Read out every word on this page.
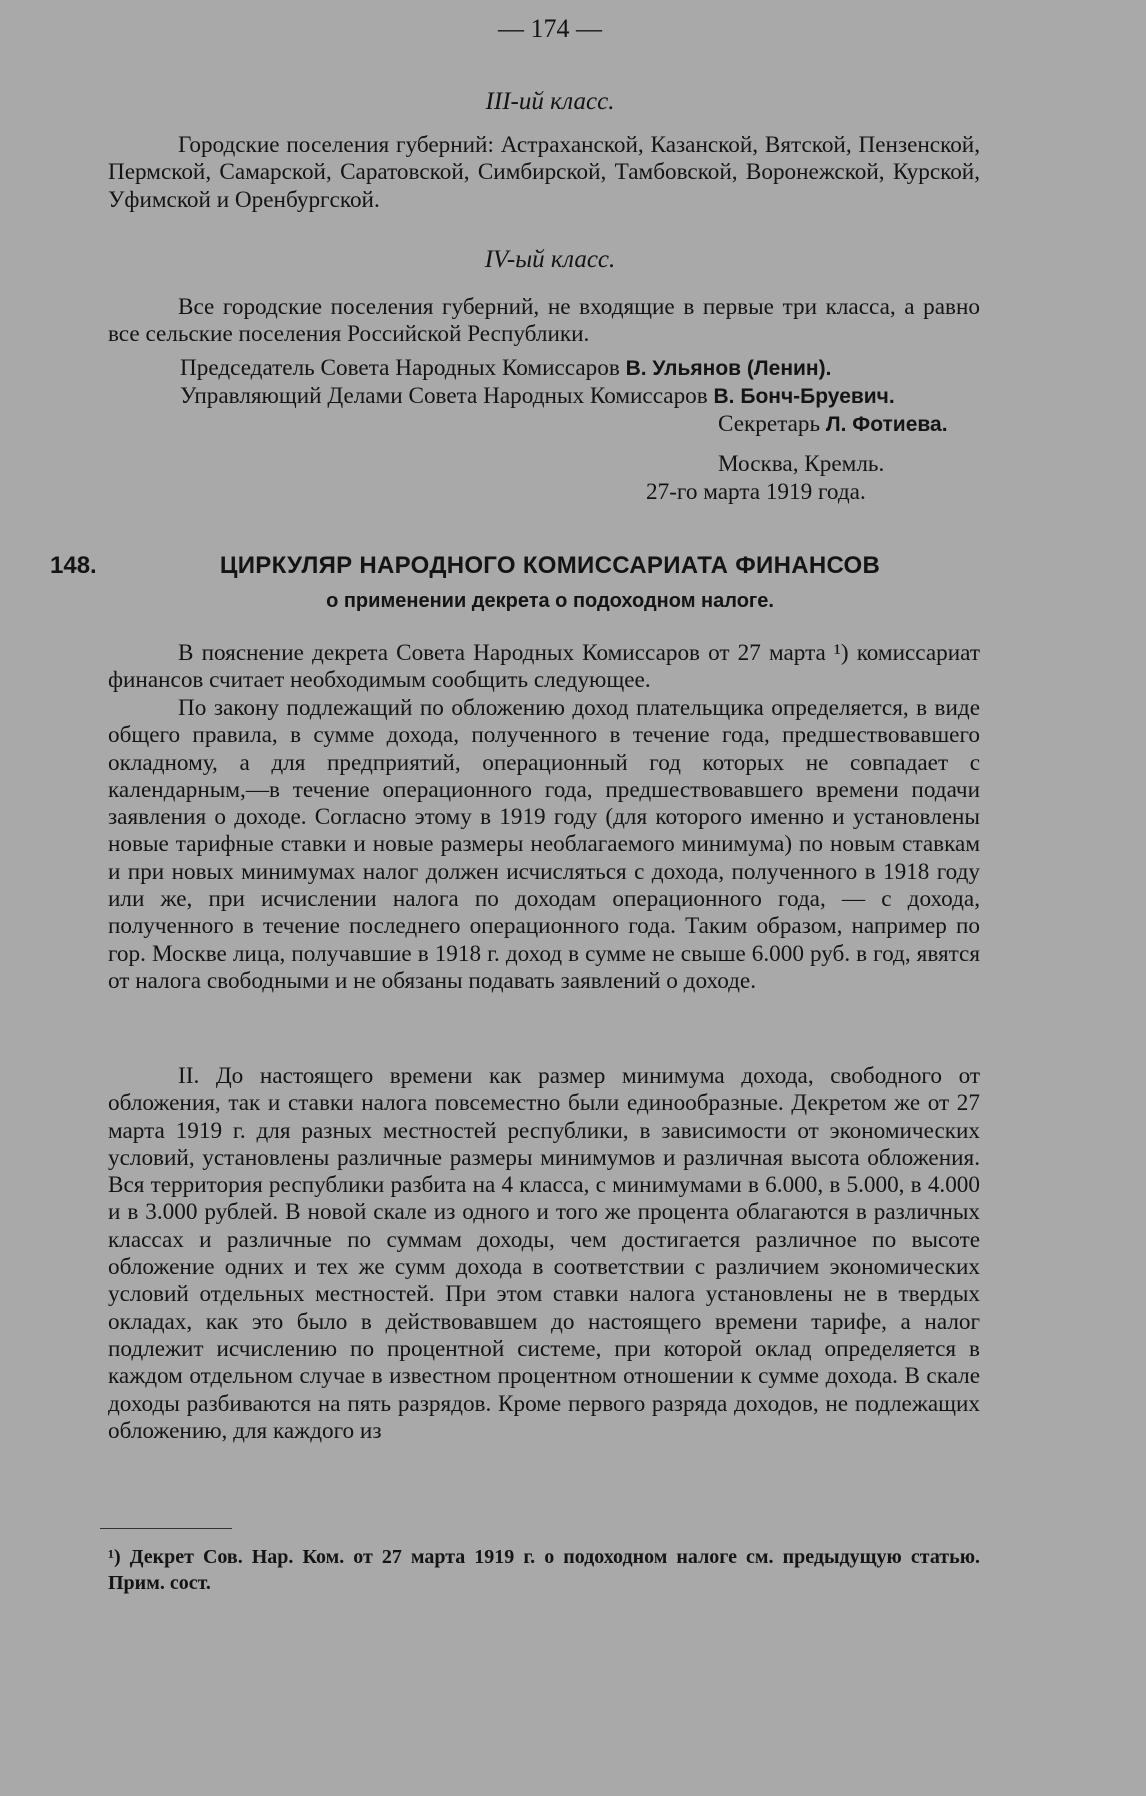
— 174 —
III-ий класс.

Городские поселения губерний: Астраханской, Казанской, Вятской, Пензенской, Пермской, Самарской, Саратовской, Симбирской, Тамбовской, Воронежской, Курской, Уфимской и Оренбургской.

IV-ый класс.

Все городские поселения губерний, не входящие в первые три класса, а равно все сельские поселения Российской Республики.

Председатель Совета Народных Комиссаров В. Ульянов (Ленин).
Управляющий Делами Совета Народных Комиссаров В. Бонч-Бруевич.
Секретарь Л. Фотиева.
Москва, Кремль.
27-го марта 1919 года.
148.	ЦИРКУЛЯР НАРОДНОГО КОМИССАРИАТА ФИНАНСОВ
о применении декрета о подоходном налоге.

В пояснение декрета Совета Народных Комиссаров от 27 марта ¹) комиссариат финансов считает необходимым сообщить следующее.

По закону подлежащий по обложению доход плательщика определяется, в виде общего правила, в сумме дохода, полученного в течение года, предшествовавшего окладному, а для предприятий, операционный год которых не совпадает с календарным,—в течение операционного года, предшествовавшего времени подачи заявления о доходе. Согласно этому в 1919 году (для которого именно и установлены новые тарифные ставки и новые размеры необлагаемого минимума) по новым ставкам и при новых минимумах налог должен исчисляться с дохода, полученного в 1918 году или же, при исчислении налога по доходам операционного года, — с дохода, полученного в течение последнего операционного года. Таким образом, например по гор. Москве лица, получавшие в 1918 г. доход в сумме не свыше 6.000 руб. в год, явятся от налога свободными и не обязаны подавать заявлений о доходе.

II. До настоящего времени как размер минимума дохода, свободного от обложения, так и ставки налога повсеместно были единообразные. Декретом же от 27 марта 1919 г. для разных местностей республики, в зависимости от экономических условий, установлены различные размеры минимумов и различная высота обложения. Вся территория республики разбита на 4 класса, с минимумами в 6.000, в 5.000, в 4.000 и в 3.000 рублей. В новой скале из одного и того же процента облагаются в различных классах и различные по суммам доходы, чем достигается различное по высоте обложение одних и тех же сумм дохода в соответствии с различием экономических условий отдельных местностей. При этом ставки налога установлены не в твердых окладах, как это было в действовавшем до настоящего времени тарифе, а налог подлежит исчислению по процентной системе, при которой оклад определяется в каждом отдельном случае в известном процентном отношении к сумме дохода. В скале доходы разбиваются на пять разрядов. Кроме первого разряда доходов, не подлежащих обложению, для каждого из

¹) Декрет Сов. Нар. Ком. от 27 марта 1919 г. о подоходном налоге см. предыдущую статью. Прим. сост.
